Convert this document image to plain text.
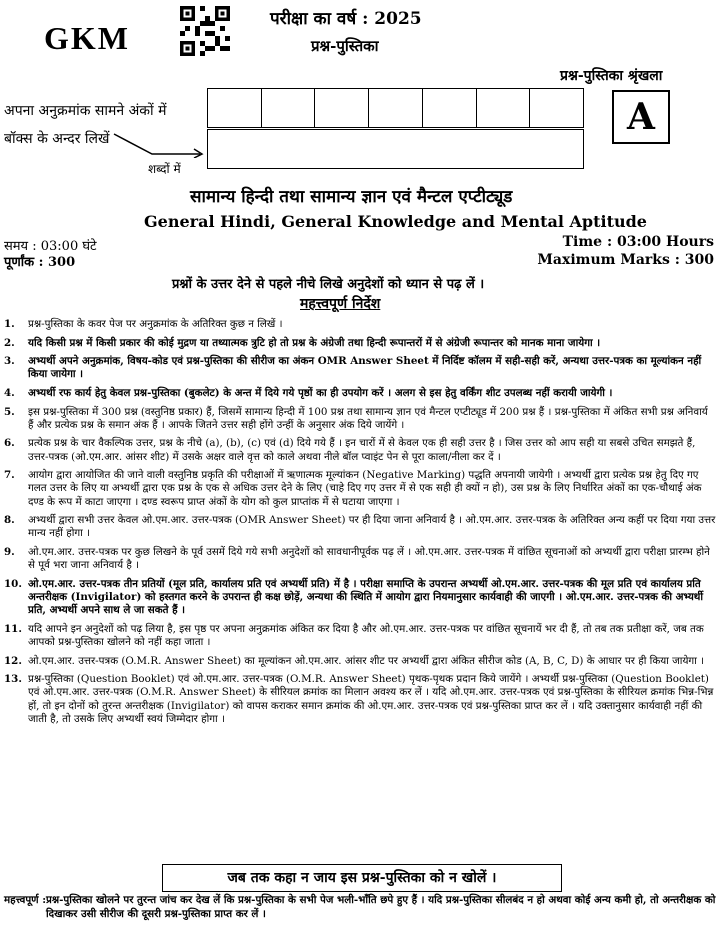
GKM
परीक्षा का वर्ष : 2025
प्रश्न-पुस्तिका
प्रश्न-पुस्तिका श्रृंखला
A
अपना अनुक्रमांक सामने अंकों में
बॉक्स के अन्दर लिखें
शब्दों में
सामान्य हिन्दी तथा सामान्य ज्ञान एवं मैन्टल एप्टीट्यूड
General Hindi, General Knowledge and Mental Aptitude
समय : 03:00 घंटे
पूर्णांक : 300
Time : 03:00 Hours
Maximum Marks : 300
प्रश्नों के उत्तर देने से पहले नीचे लिखे अनुदेशों को ध्यान से पढ़ लें ।
महत्त्वपूर्ण निर्देश
1.	प्रश्न-पुस्तिका के कवर पेज पर अनुक्रमांक के अतिरिक्त कुछ न लिखें ।
2.	यदि किसी प्रश्न में किसी प्रकार की कोई मुद्रण या तथ्यात्मक त्रुटि हो तो प्रश्न के अंग्रेजी तथा हिन्दी रूपान्तरों में से अंग्रेजी रूपान्तर को मानक माना जायेगा ।
3.	अभ्यर्थी अपने अनुक्रमांक, विषय-कोड एवं प्रश्न-पुस्तिका की सीरीज का अंकन OMR Answer Sheet में निर्दिष्ट कॉलम में सही-सही करें, अन्यथा उत्तर-पत्रक का मूल्यांकन नहीं किया जायेगा ।
4.	अभ्यर्थी रफ कार्य हेतु केवल प्रश्न-पुस्तिका (बुकलेट) के अन्त में दिये गये पृष्ठों का ही उपयोग करें । अलग से इस हेतु वर्किंग शीट उपलब्ध नहीं करायी जायेगी ।
5.	इस प्रश्न-पुस्तिका में 300 प्रश्न (वस्तुनिष्ठ प्रकार) हैं, जिसमें सामान्य हिन्दी में 100 प्रश्न तथा सामान्य ज्ञान एवं मैन्टल एप्टीट्यूड में 200 प्रश्न हैं । प्रश्न-पुस्तिका में अंकित सभी प्रश्न अनिवार्य हैं और प्रत्येक प्रश्न के समान अंक हैं । आपके जितने उत्तर सही होंगे उन्हीं के अनुसार अंक दिये जायेंगे ।
6.	प्रत्येक प्रश्न के चार वैकल्पिक उत्तर, प्रश्न के नीचे (a), (b), (c) एवं (d) दिये गये हैं । इन चारों में से केवल एक ही सही उत्तर है । जिस उत्तर को आप सही या सबसे उचित समझते हैं, उत्तर-पत्रक (ओ.एम.आर. आंसर शीट) में उसके अक्षर वाले वृत्त को काले अथवा नीले बॉल प्वाइंट पेन से पूरा काला/नीला कर दें ।
7.	आयोग द्वारा आयोजित की जाने वाली वस्तुनिष्ठ प्रकृति की परीक्षाओं में ऋणात्मक मूल्यांकन (Negative Marking) पद्धति अपनायी जायेगी । अभ्यर्थी द्वारा प्रत्येक प्रश्न हेतु दिए गए गलत उत्तर के लिए या अभ्यर्थी द्वारा एक प्रश्न के एक से अधिक उत्तर देने के लिए (चाहे दिए गए उत्तर में से एक सही ही क्यों न हो), उस प्रश्न के लिए निर्धारित अंकों का एक-चौथाई अंक दण्ड के रूप में काटा जाएगा । दण्ड स्वरूप प्राप्त अंकों के योग को कुल प्राप्तांक में से घटाया जाएगा ।
8.	अभ्यर्थी द्वारा सभी उत्तर केवल ओ.एम.आर. उत्तर-पत्रक (OMR Answer Sheet) पर ही दिया जाना अनिवार्य है । ओ.एम.आर. उत्तर-पत्रक के अतिरिक्त अन्य कहीं पर दिया गया उत्तर मान्य नहीं होगा ।
9.	ओ.एम.आर. उत्तर-पत्रक पर कुछ लिखने के पूर्व उसमें दिये गये सभी अनुदेशों को सावधानीपूर्वक पढ़ लें । ओ.एम.आर. उत्तर-पत्रक में वांछित सूचनाओं को अभ्यर्थी द्वारा परीक्षा प्रारम्भ होने से पूर्व भरा जाना अनिवार्य है ।
10. ओ.एम.आर. उत्तर-पत्रक तीन प्रतियों (मूल प्रति, कार्यालय प्रति एवं अभ्यर्थी प्रति) में है । परीक्षा समाप्ति के उपरान्त अभ्यर्थी ओ.एम.आर. उत्तर-पत्रक की मूल प्रति एवं कार्यालय प्रति अन्तरीक्षक (Invigilator) को हस्तगत करने के उपरान्त ही कक्ष छोड़ें, अन्यथा की स्थिति में आयोग द्वारा नियमानुसार कार्यवाही की जाएगी । ओ.एम.आर. उत्तर-पत्रक की अभ्यर्थी प्रति, अभ्यर्थी अपने साथ ले जा सकते हैं ।
11. यदि आपने इन अनुदेशों को पढ़ लिया है, इस पृष्ठ पर अपना अनुक्रमांक अंकित कर दिया है और ओ.एम.आर. उत्तर-पत्रक पर वांछित सूचनायें भर दी हैं, तो तब तक प्रतीक्षा करें, जब तक आपको प्रश्न-पुस्तिका खोलने को नहीं कहा जाता ।
12. ओ.एम.आर. उत्तर-पत्रक (O.M.R. Answer Sheet) का मूल्यांकन ओ.एम.आर. आंसर शीट पर अभ्यर्थी द्वारा अंकित सीरीज कोड (A, B, C, D) के आधार पर ही किया जायेगा ।
13. प्रश्न-पुस्तिका (Question Booklet) एवं ओ.एम.आर. उत्तर-पत्रक (O.M.R. Answer Sheet) पृथक-पृथक प्रदान किये जायेंगे । अभ्यर्थी प्रश्न-पुस्तिका (Question Booklet) एवं ओ.एम.आर. उत्तर-पत्रक (O.M.R. Answer Sheet) के सीरियल क्रमांक का मिलान अवश्य कर लें । यदि ओ.एम.आर. उत्तर-पत्रक एवं प्रश्न-पुस्तिका के सीरियल क्रमांक भिन्न-भिन्न हों, तो इन दोनों को तुरन्त अन्तरीक्षक (Invigilator) को वापस कराकर समान क्रमांक की ओ.एम.आर. उत्तर-पत्रक एवं प्रश्न-पुस्तिका प्राप्त कर लें । यदि उक्तानुसार कार्यवाही नहीं की जाती है, तो उसके लिए अभ्यर्थी स्वयं जिम्मेदार होगा ।
जब तक कहा न जाय इस प्रश्न-पुस्तिका को न खोलें ।
महत्त्वपूर्ण : प्रश्न-पुस्तिका खोलने पर तुरन्त जांच कर देख लें कि प्रश्न-पुस्तिका के सभी पेज भली-भाँति छपे हुए हैं । यदि प्रश्न-पुस्तिका सीलबंद न हो अथवा कोई अन्य कमी हो, तो अन्तरीक्षक को दिखाकर उसी सीरीज की दूसरी प्रश्न-पुस्तिका प्राप्त कर लें ।
